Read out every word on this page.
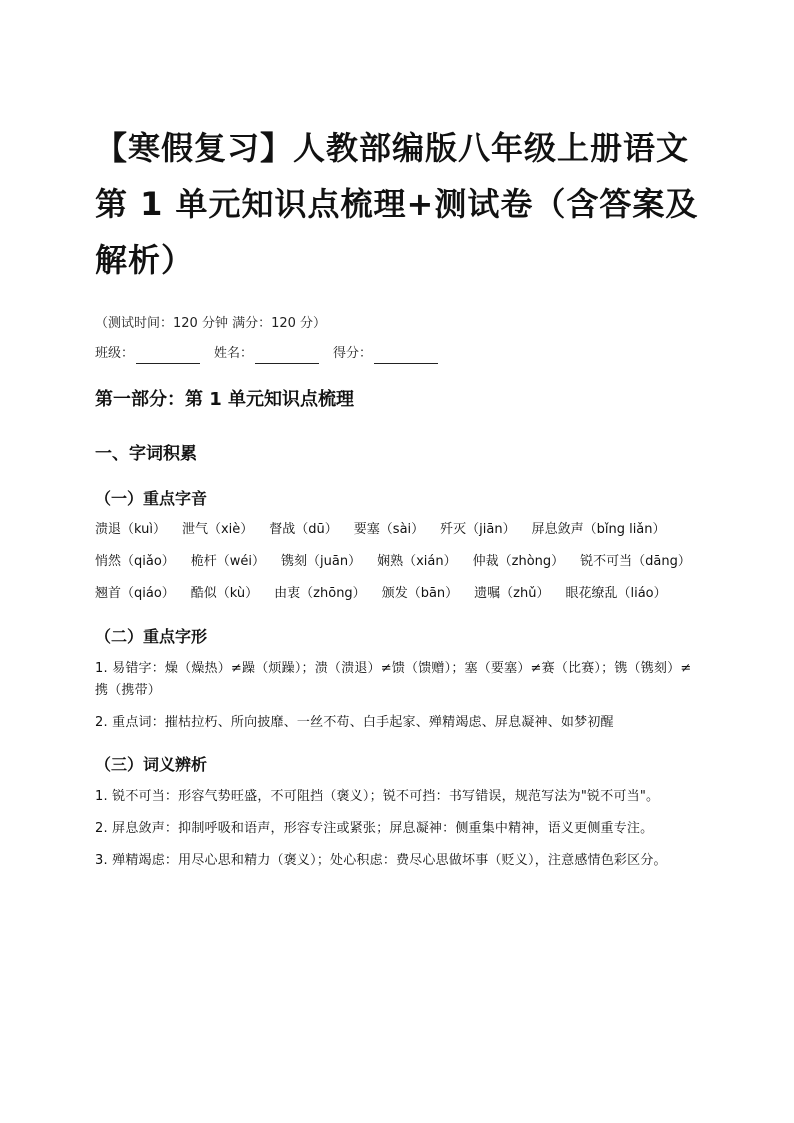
【寒假复习】人教部编版八年级上册语文第 1 单元知识点梳理+测试卷（含答案及解析）

（测试时间：120 分钟 满分：120 分）

班级：	姓名：	得分：
第一部分：第 1 单元知识点梳理
一、字词积累
（一）重点字音
溃退（kuì） 泄气（xiè） 督战（dū） 要塞（sài） 歼灭（jiān） 屏息敛声（bǐng liǎn）
悄然（qiǎo） 桅杆（wéi） 镌刻（juān） 娴熟（xián） 仲裁（zhòng） 锐不可当（dāng）
翘首（qiáo） 酷似（kù） 由衷（zhōng） 颁发（bān） 遗嘱（zhǔ） 眼花缭乱（liáo）
（二）重点字形

1. 易错字：燥（燥热）≠躁（烦躁）；溃（溃退）≠馈（馈赠）；塞（要塞）≠赛（比赛）；镌（镌刻）≠携（携带）

2. 重点词：摧枯拉朽、所向披靡、一丝不苟、白手起家、殚精竭虑、屏息凝神、如梦初醒

（三）词义辨析

1. 锐不可当：形容气势旺盛，不可阻挡（褒义）；锐不可挡：书写错误，规范写法为"锐不可当"。

2. 屏息敛声：抑制呼吸和语声，形容专注或紧张；屏息凝神：侧重集中精神，语义更侧重专注。

3. 殚精竭虑：用尽心思和精力（褒义）；处心积虑：费尽心思做坏事（贬义），注意感情色彩区分。
